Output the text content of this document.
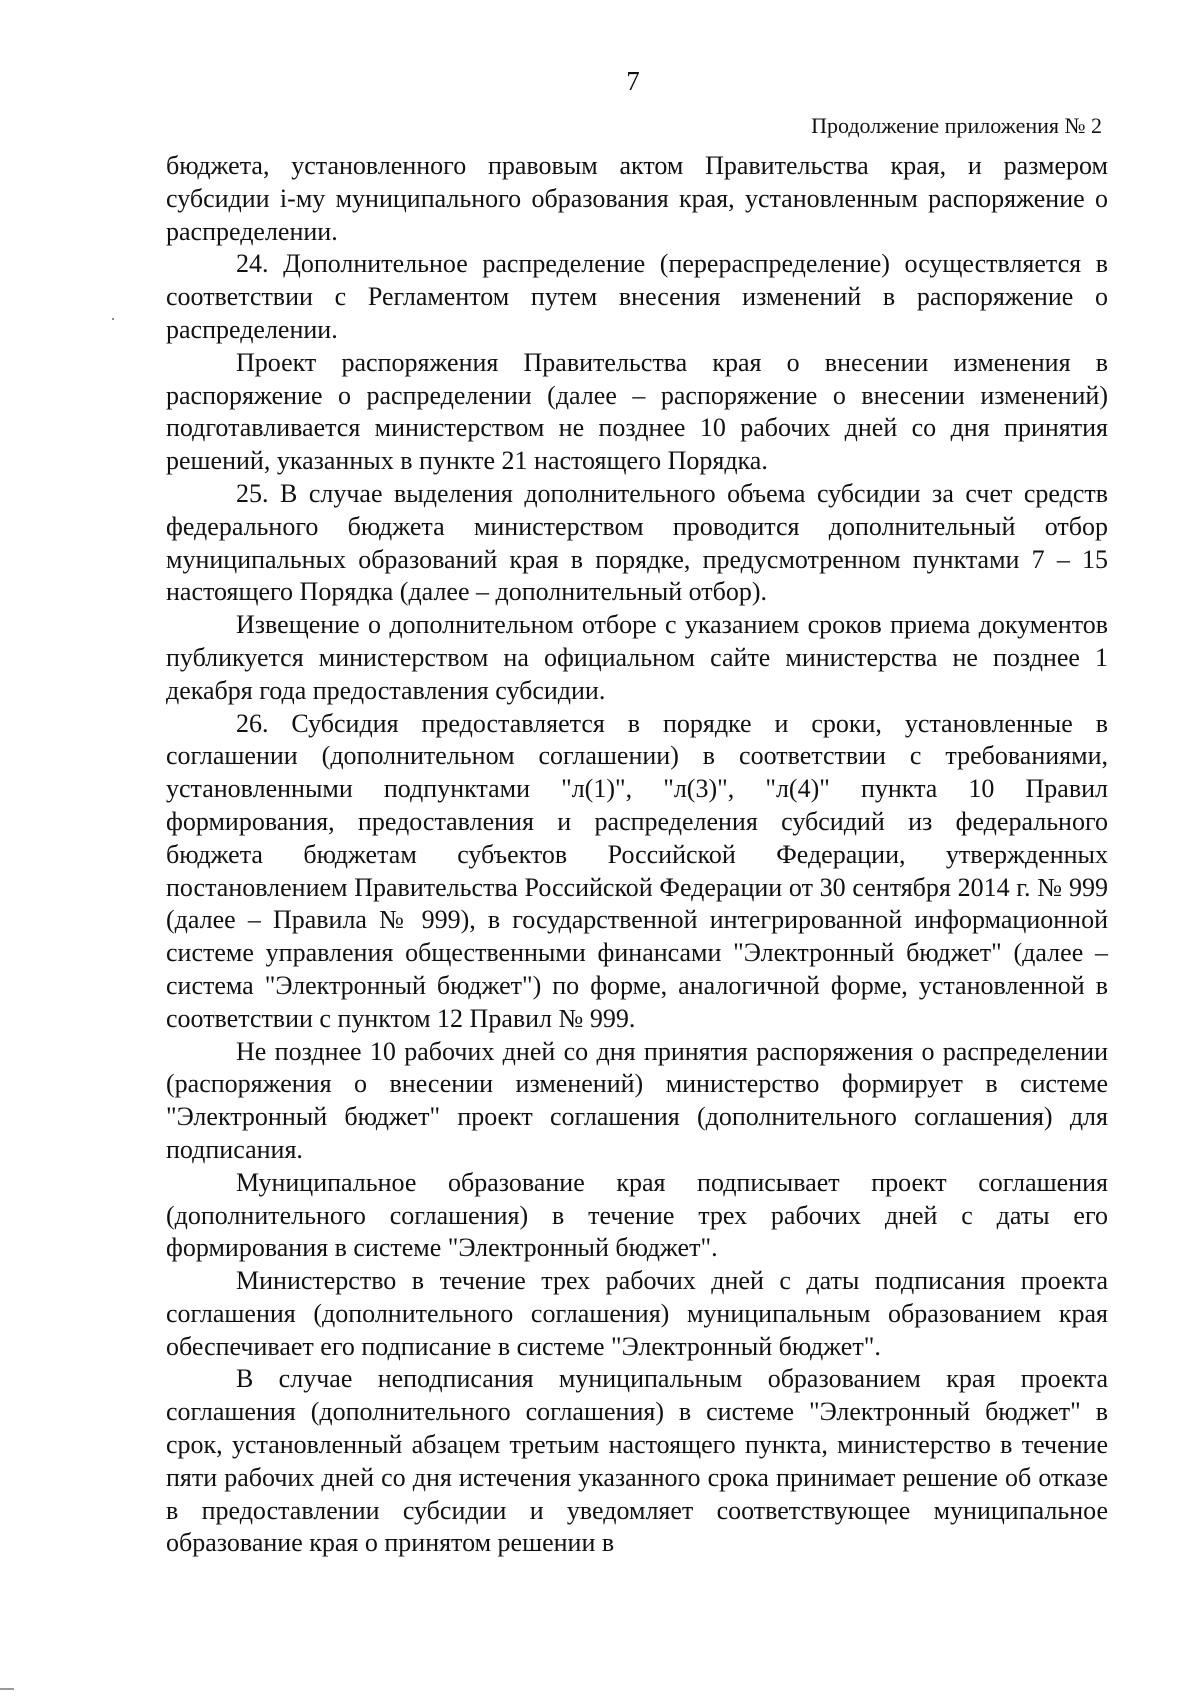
7
Продолжение приложения № 2

бюджета, установленного правовым актом Правительства края, и размером субсидии i-му муниципального образования края, установленным распоряжение о распределении.

24. Дополнительное распределение (перераспределение) осуществляется в соответствии с Регламентом путем внесения изменений в распоряжение о распределении.

Проект распоряжения Правительства края о внесении изменения в распоряжение о распределении (далее – распоряжение о внесении изменений) подготавливается министерством не позднее 10 рабочих дней со дня принятия решений, указанных в пункте 21 настоящего Порядка.

25. В случае выделения дополнительного объема субсидии за счет средств федерального бюджета министерством проводится дополнительный отбор муниципальных образований края в порядке, предусмотренном пунктами 7 – 15 настоящего Порядка (далее – дополнительный отбор).

Извещение о дополнительном отборе с указанием сроков приема документов публикуется министерством на официальном сайте министерства не позднее 1 декабря года предоставления субсидии.

26. Субсидия предоставляется в порядке и сроки, установленные в соглашении (дополнительном соглашении) в соответствии с требованиями, установленными подпунктами "л(1)", "л(3)", "л(4)" пункта 10 Правил формирования, предоставления и распределения субсидий из федерального бюджета бюджетам субъектов Российской Федерации, утвержденных постановлением Правительства Российской Федерации от 30 сентября 2014 г. № 999 (далее – Правила № 999), в государственной интегрированной информационной системе управления общественными финансами "Электронный бюджет" (далее – система "Электронный бюджет") по форме, аналогичной форме, установленной в соответствии с пунктом 12 Правил № 999.

Не позднее 10 рабочих дней со дня принятия распоряжения о распределении (распоряжения о внесении изменений) министерство формирует в системе "Электронный бюджет" проект соглашения (дополнительного соглашения) для подписания.

Муниципальное образование края подписывает проект соглашения (дополнительного соглашения) в течение трех рабочих дней с даты его формирования в системе "Электронный бюджет".

Министерство в течение трех рабочих дней с даты подписания проекта соглашения (дополнительного соглашения) муниципальным образованием края обеспечивает его подписание в системе "Электронный бюджет".

В случае неподписания муниципальным образованием края проекта соглашения (дополнительного соглашения) в системе "Электронный бюджет" в срок, установленный абзацем третьим настоящего пункта, министерство в течение пяти рабочих дней со дня истечения указанного срока принимает решение об отказе в предоставлении субсидии и уведомляет соответствующее муниципальное образование края о принятом решении в
